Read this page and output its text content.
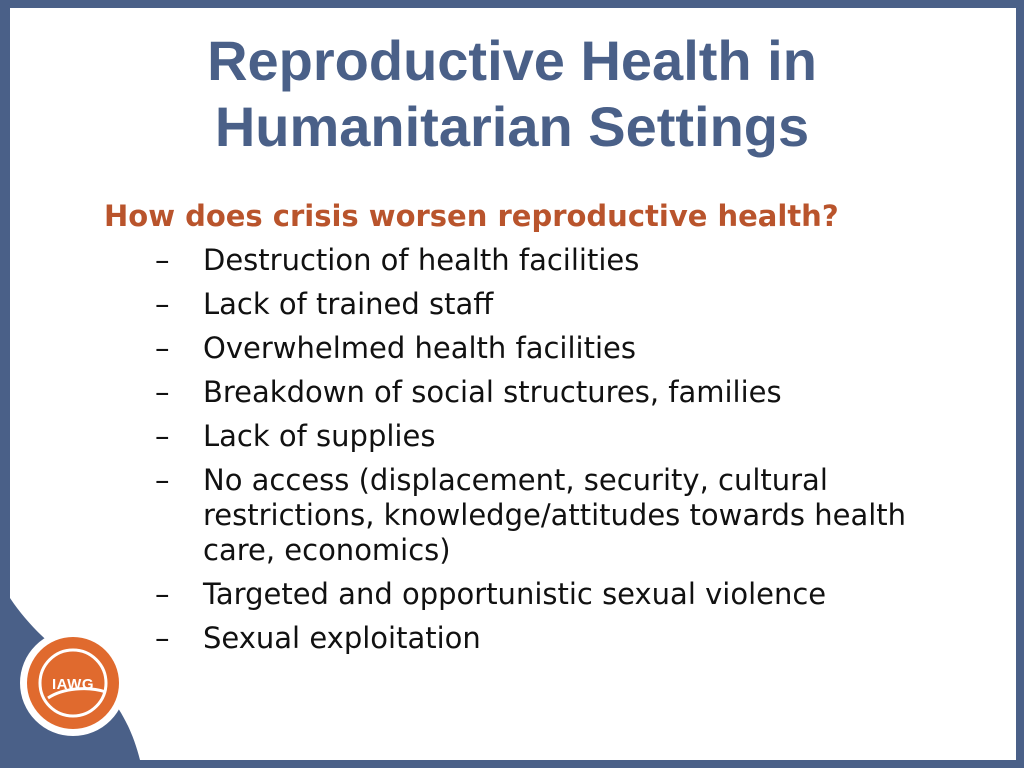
Reproductive Health in
Humanitarian Settings
How does crisis worsen reproductive health?
–	Destruction of health facilities
–	Lack of trained staff
–	Overwhelmed health facilities
–	Breakdown of social structures, families
–	Lack of supplies
–	No access (displacement, security, cultural restrictions, knowledge/attitudes towards health care, economics)
–	Targeted and opportunistic sexual violence
–	Sexual exploitation
IAWG
